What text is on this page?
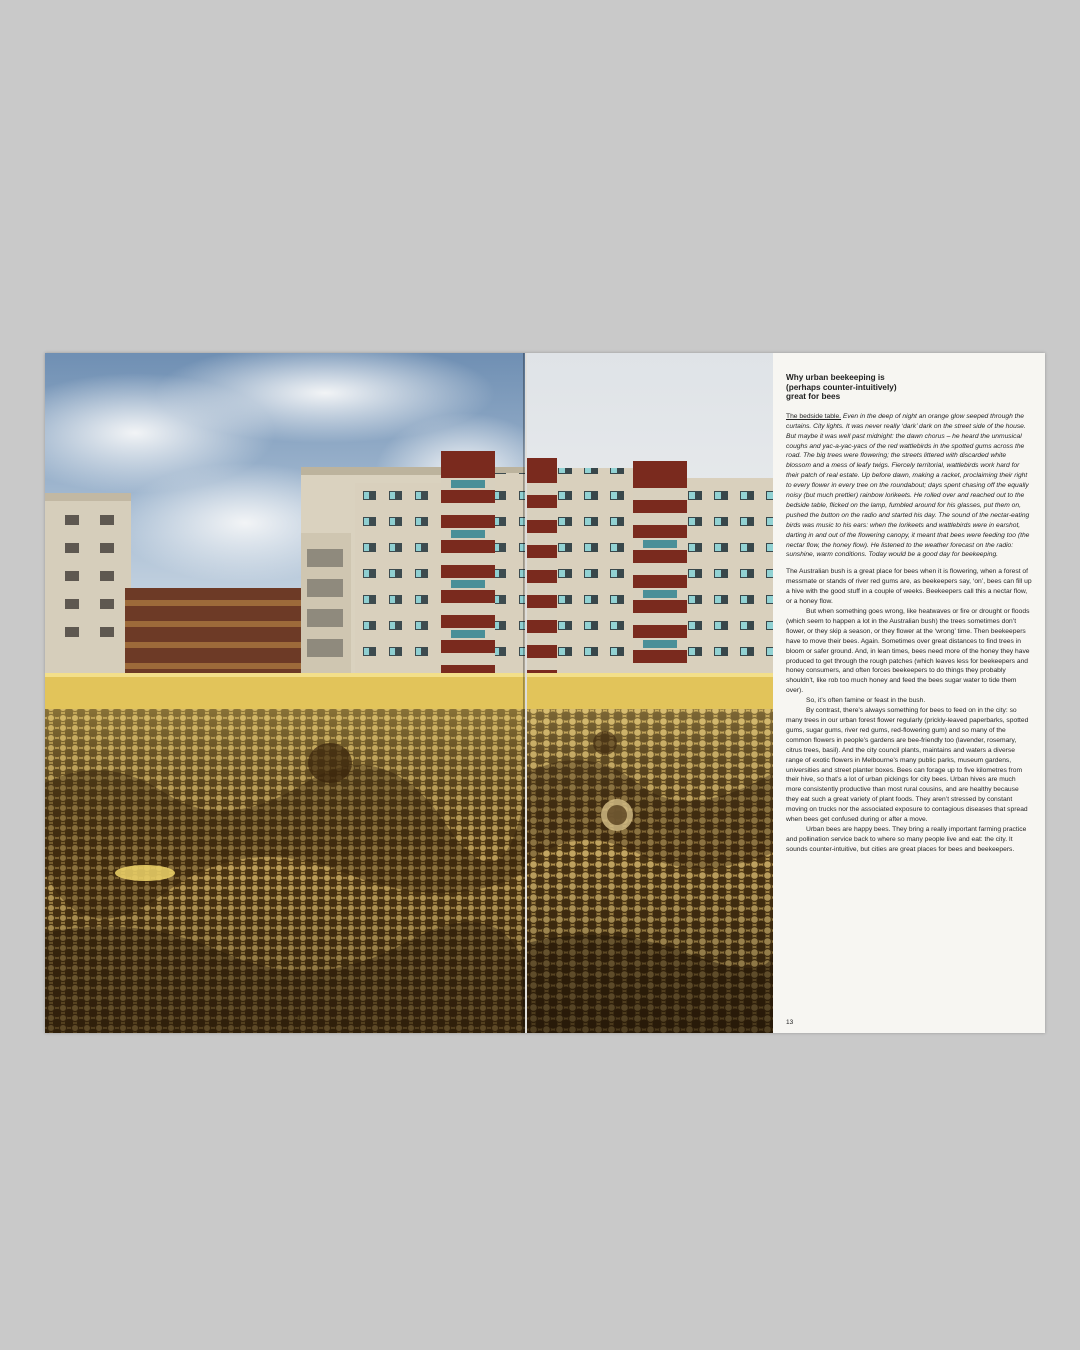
12
Why urban beekeeping is
(perhaps counter-intuitively)
great for bees

The bedside table. Even in the deep of night an orange glow seeped through the curtains. City lights. It was never really ‘dark’ dark on the street side of the house. But maybe it was well past midnight: the dawn chorus – he heard the unmusical coughs and yac-a-yac-yacs of the red wattlebirds in the spotted gums across the road. The big trees were flowering; the streets littered with discarded white blossom and a mess of leafy twigs. Fiercely territorial, wattlebirds work hard for their patch of real estate. Up before dawn, making a racket, proclaiming their right to every flower in every tree on the roundabout; days spent chasing off the equally noisy (but much prettier) rainbow lorikeets. He rolled over and reached out to the bedside table, flicked on the lamp, fumbled around for his glasses, put them on, pushed the button on the radio and started his day. The sound of the nectar-eating birds was music to his ears: when the lorikeets and wattlebirds were in earshot, darting in and out of the flowering canopy, it meant that bees were feeding too (the nectar flow, the honey flow). He listened to the weather forecast on the radio: sunshine, warm conditions. Today would be a good day for beekeeping.

The Australian bush is a great place for bees when it is flowering, when a forest of messmate or stands of river red gums are, as beekeepers say, ‘on’, bees can fill up a hive with the good stuff in a couple of weeks. Beekeepers call this a nectar flow, or a honey flow.

But when something goes wrong, like heatwaves or fire or drought or floods (which seem to happen a lot in the Australian bush) the trees sometimes don’t flower, or they skip a season, or they flower at the ‘wrong’ time. Then beekeepers have to move their bees. Again. Sometimes over great distances to find trees in bloom or safer ground. And, in lean times, bees need more of the honey they have produced to get through the rough patches (which leaves less for beekeepers and honey consumers, and often forces beekeepers to do things they probably shouldn’t, like rob too much honey and feed the bees sugar water to tide them over).

So, it’s often famine or feast in the bush.

By contrast, there’s always something for bees to feed on in the city: so many trees in our urban forest flower regularly (prickly-leaved paperbarks, spotted gums, sugar gums, river red gums, red-flowering gum) and so many of the common flowers in people’s gardens are bee-friendly too (lavender, rosemary, citrus trees, basil). And the city council plants, maintains and waters a diverse range of exotic flowers in Melbourne’s many public parks, museum gardens, universities and street planter boxes. Bees can forage up to five kilometres from their hive, so that’s a lot of urban pickings for city bees. Urban hives are much more consistently productive than most rural cousins, and are healthy because they eat such a great variety of plant foods. They aren’t stressed by constant moving on trucks nor the associated exposure to contagious diseases that spread when bees get confused during or after a move.

Urban bees are happy bees. They bring a really important farming practice and pollination service back to where so many people live and eat: the city. It sounds counter-intuitive, but cities are great places for bees and beekeepers.

13
